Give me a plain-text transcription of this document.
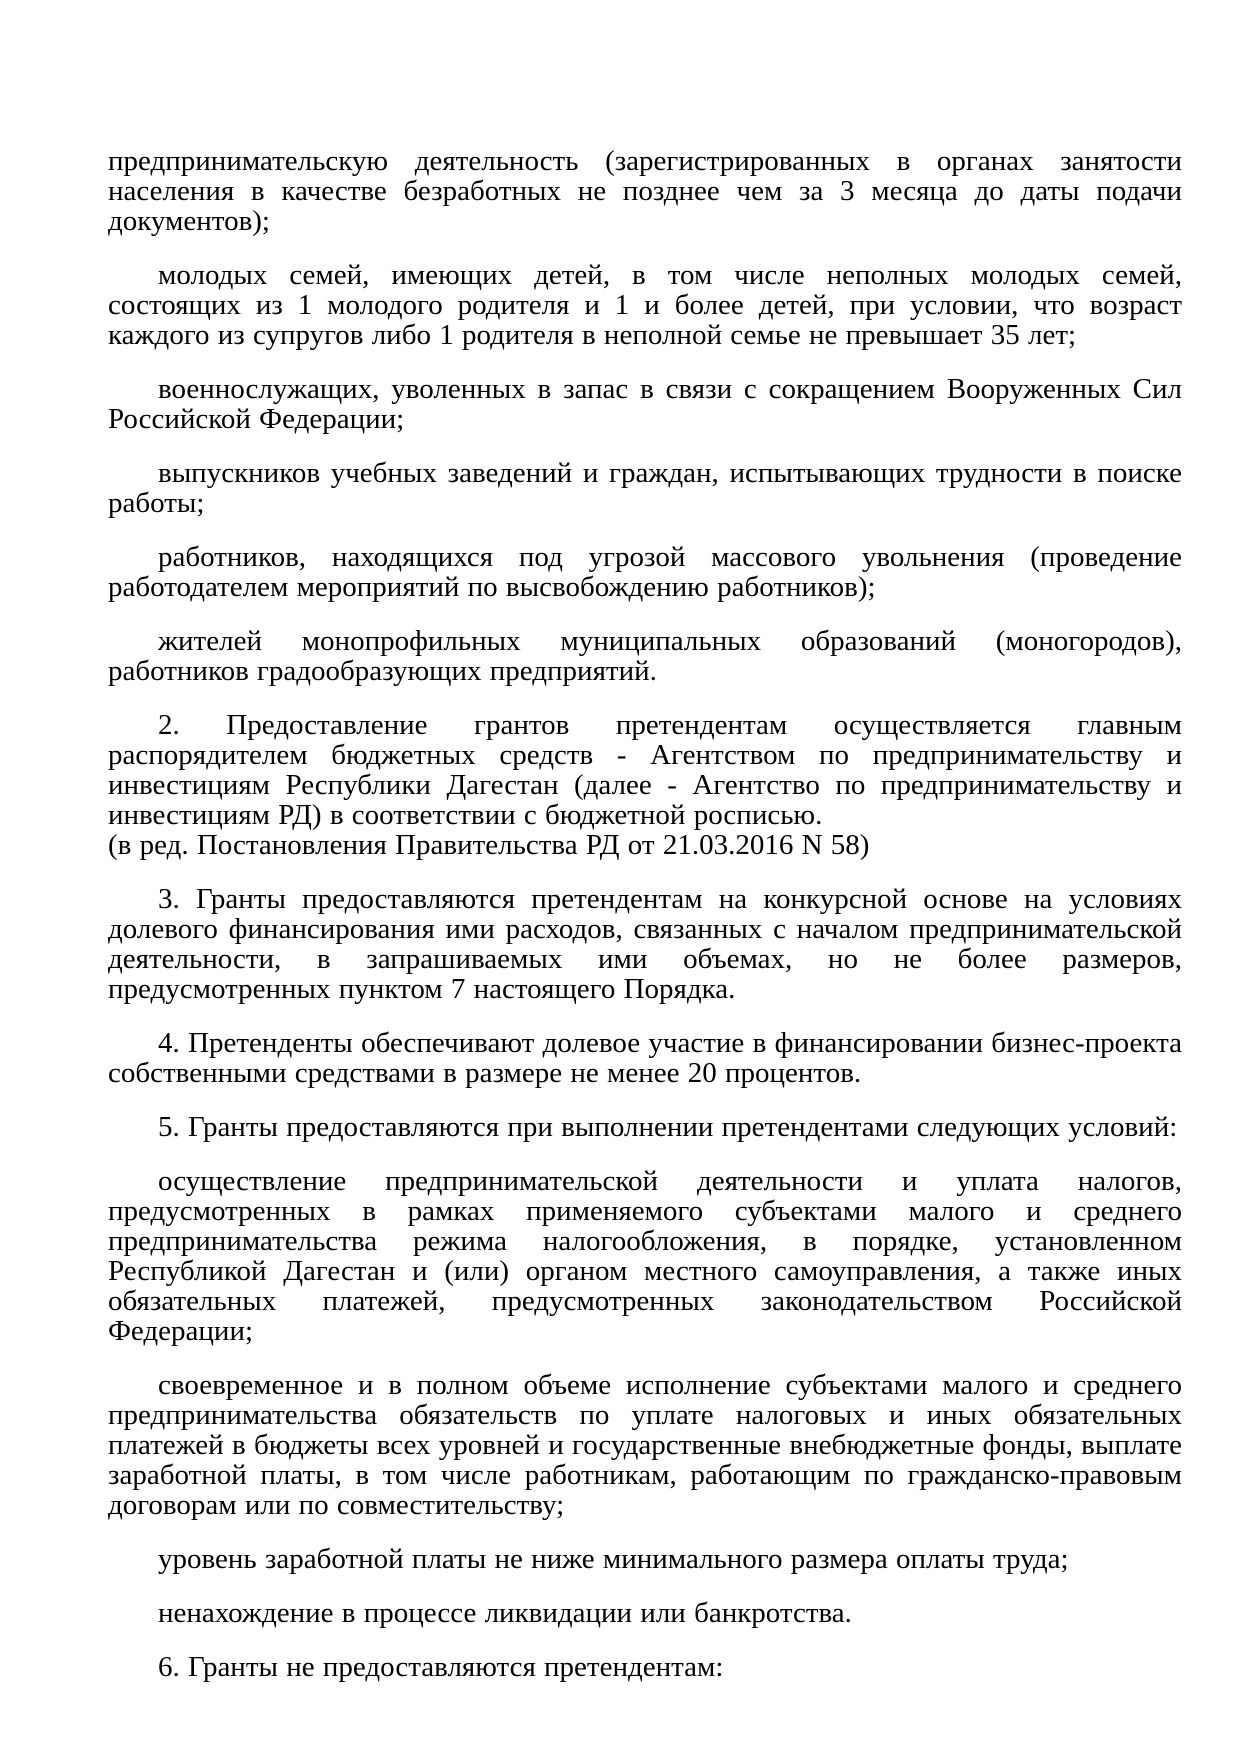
предпринимательскую деятельность (зарегистрированных в органах занятости населения в качестве безработных не позднее чем за 3 месяца до даты подачи документов);

молодых семей, имеющих детей, в том числе неполных молодых семей, состоящих из 1 молодого родителя и 1 и более детей, при условии, что возраст каждого из супругов либо 1 родителя в неполной семье не превышает 35 лет;

военнослужащих, уволенных в запас в связи с сокращением Вооруженных Сил Российской Федерации;

выпускников учебных заведений и граждан, испытывающих трудности в поиске работы;

работников, находящихся под угрозой массового увольнения (проведение работодателем мероприятий по высвобождению работников);

жителей монопрофильных муниципальных образований (моногородов), работников градообразующих предприятий.

2. Предоставление грантов претендентам осуществляется главным распорядителем бюджетных средств - Агентством по предпринимательству и инвестициям Республики Дагестан (далее - Агентство по предпринимательству и инвестициям РД) в соответствии с бюджетной росписью.

(в ред. Постановления Правительства РД от 21.03.2016 N 58)

3. Гранты предоставляются претендентам на конкурсной основе на условиях долевого финансирования ими расходов, связанных с началом предпринимательской деятельности, в запрашиваемых ими объемах, но не более размеров, предусмотренных пунктом 7 настоящего Порядка.

4. Претенденты обеспечивают долевое участие в финансировании бизнес-проекта собственными средствами в размере не менее 20 процентов.

5. Гранты предоставляются при выполнении претендентами следующих условий:

осуществление предпринимательской деятельности и уплата налогов, предусмотренных в рамках применяемого субъектами малого и среднего предпринимательства режима налогообложения, в порядке, установленном Республикой Дагестан и (или) органом местного самоуправления, а также иных обязательных платежей, предусмотренных законодательством Российской Федерации;

своевременное и в полном объеме исполнение субъектами малого и среднего предпринимательства обязательств по уплате налоговых и иных обязательных платежей в бюджеты всех уровней и государственные внебюджетные фонды, выплате заработной платы, в том числе работникам, работающим по гражданско-правовым договорам или по совместительству;

уровень заработной платы не ниже минимального размера оплаты труда;

ненахождение в процессе ликвидации или банкротства.

6. Гранты не предоставляются претендентам:
